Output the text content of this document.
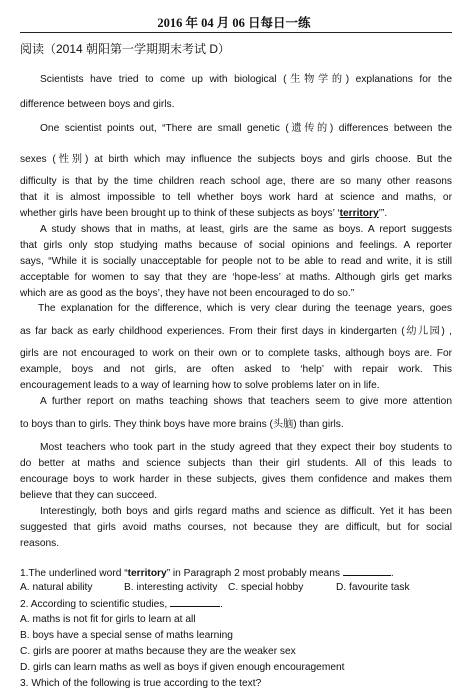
2016 年 04 月 06 日每日一练
阅读（2014 朝阳第一学期期末考试 D）
Scientists have tried to come up with biological (生物学的) explanations for the
difference between boys and girls.
One scientist points out, “There are small genetic (遗传的) differences between the
sexes (性别) at birth which may influence the subjects boys and girls choose. But the
difficulty is that by the time children reach school age, there are so many other reasons
that it is almost impossible to tell whether boys work hard at science and maths, or
whether girls have been brought up to think of these subjects as boys’ ‘territory’”.
A study shows that in maths, at least, girls are the same as boys. A report suggests
that girls only stop studying maths because of social opinions and feelings. A reporter
says, “While it is socially unacceptable for people not to be able to read and write, it is still
acceptable for women to say that they are ‘hope-less’ at maths. Although girls get marks
which are as good as the boys’, they have not been encouraged to do so.”
The explanation for the difference, which is very clear during the teenage years, goes
as far back as early childhood experiences. From their first days in kindergarten (幼儿园) ,
girls are not encouraged to work on their own or to complete tasks, although boys are. For
example, boys and not girls, are often asked to ‘help’ with repair work. This
encouragement leads to a way of learning how to solve problems later on in life.
A further report on maths teaching shows that teachers seem to give more attention
to boys than to girls. They think boys have more brains (头脑) than girls.
Most teachers who took part in the study agreed that they expect their boy students to
do better at maths and science subjects than their girl students. All of this leads to
encourage boys to work harder in these subjects, gives them confidence and makes them
believe that they can succeed.
Interestingly, both boys and girls regard maths and science as difficult. Yet it has been
suggested that girls avoid maths courses, not because they are difficult, but for social
reasons.
1.The underlined word “territory” in Paragraph 2 most probably means	.
A. natural ability	B. interesting activity C. special hobby	D. favourite task
2. According to scientific studies,	.
A. maths is not fit for girls to learn at all
B. boys have a special sense of maths learning
C. girls are poorer at maths because they are the weaker sex
D. girls can learn maths as well as boys if given enough encouragement
3. Which of the following is true according to the text?
